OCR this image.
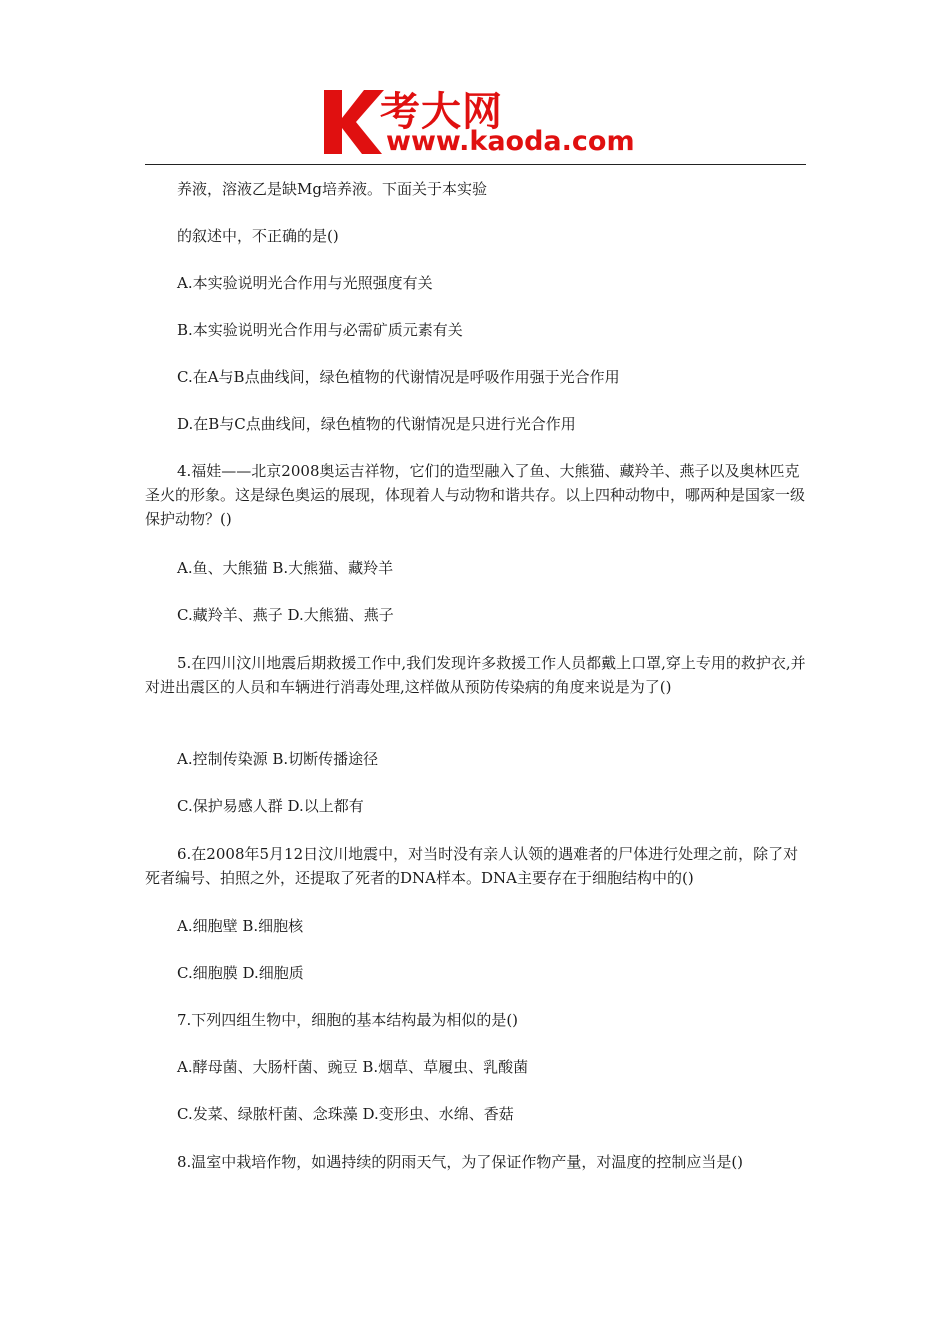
考大网
www.kaoda.com
养液，溶液乙是缺Mg培养液。下面关于本实验
的叙述中，不正确的是()
A.本实验说明光合作用与光照强度有关
B.本实验说明光合作用与必需矿质元素有关
C.在A与B点曲线间，绿色植物的代谢情况是呼吸作用强于光合作用
D.在B与C点曲线间，绿色植物的代谢情况是只进行光合作用
4.福娃——北京2008奥运吉祥物，它们的造型融入了鱼、大熊猫、藏羚羊、燕子以及奥林匹克圣火的形象。这是绿色奥运的展现，体现着人与动物和谐共存。以上四种动物中，哪两种是国家一级保护动物？()
A.鱼、大熊猫 B.大熊猫、藏羚羊
C.藏羚羊、燕子 D.大熊猫、燕子
5.在四川汶川地震后期救援工作中,我们发现许多救援工作人员都戴上口罩,穿上专用的救护衣,并对进出震区的人员和车辆进行消毒处理,这样做从预防传染病的角度来说是为了()
A.控制传染源 B.切断传播途径
C.保护易感人群 D.以上都有
6.在2008年5月12日汶川地震中，对当时没有亲人认领的遇难者的尸体进行处理之前，除了对死者编号、拍照之外，还提取了死者的DNA样本。DNA主要存在于细胞结构中的()
A.细胞壁 B.细胞核
C.细胞膜 D.细胞质
7.下列四组生物中，细胞的基本结构最为相似的是()
A.酵母菌、大肠杆菌、豌豆 B.烟草、草履虫、乳酸菌
C.发菜、绿脓杆菌、念珠藻 D.变形虫、水绵、香菇
8.温室中栽培作物，如遇持续的阴雨天气，为了保证作物产量，对温度的控制应当是()
